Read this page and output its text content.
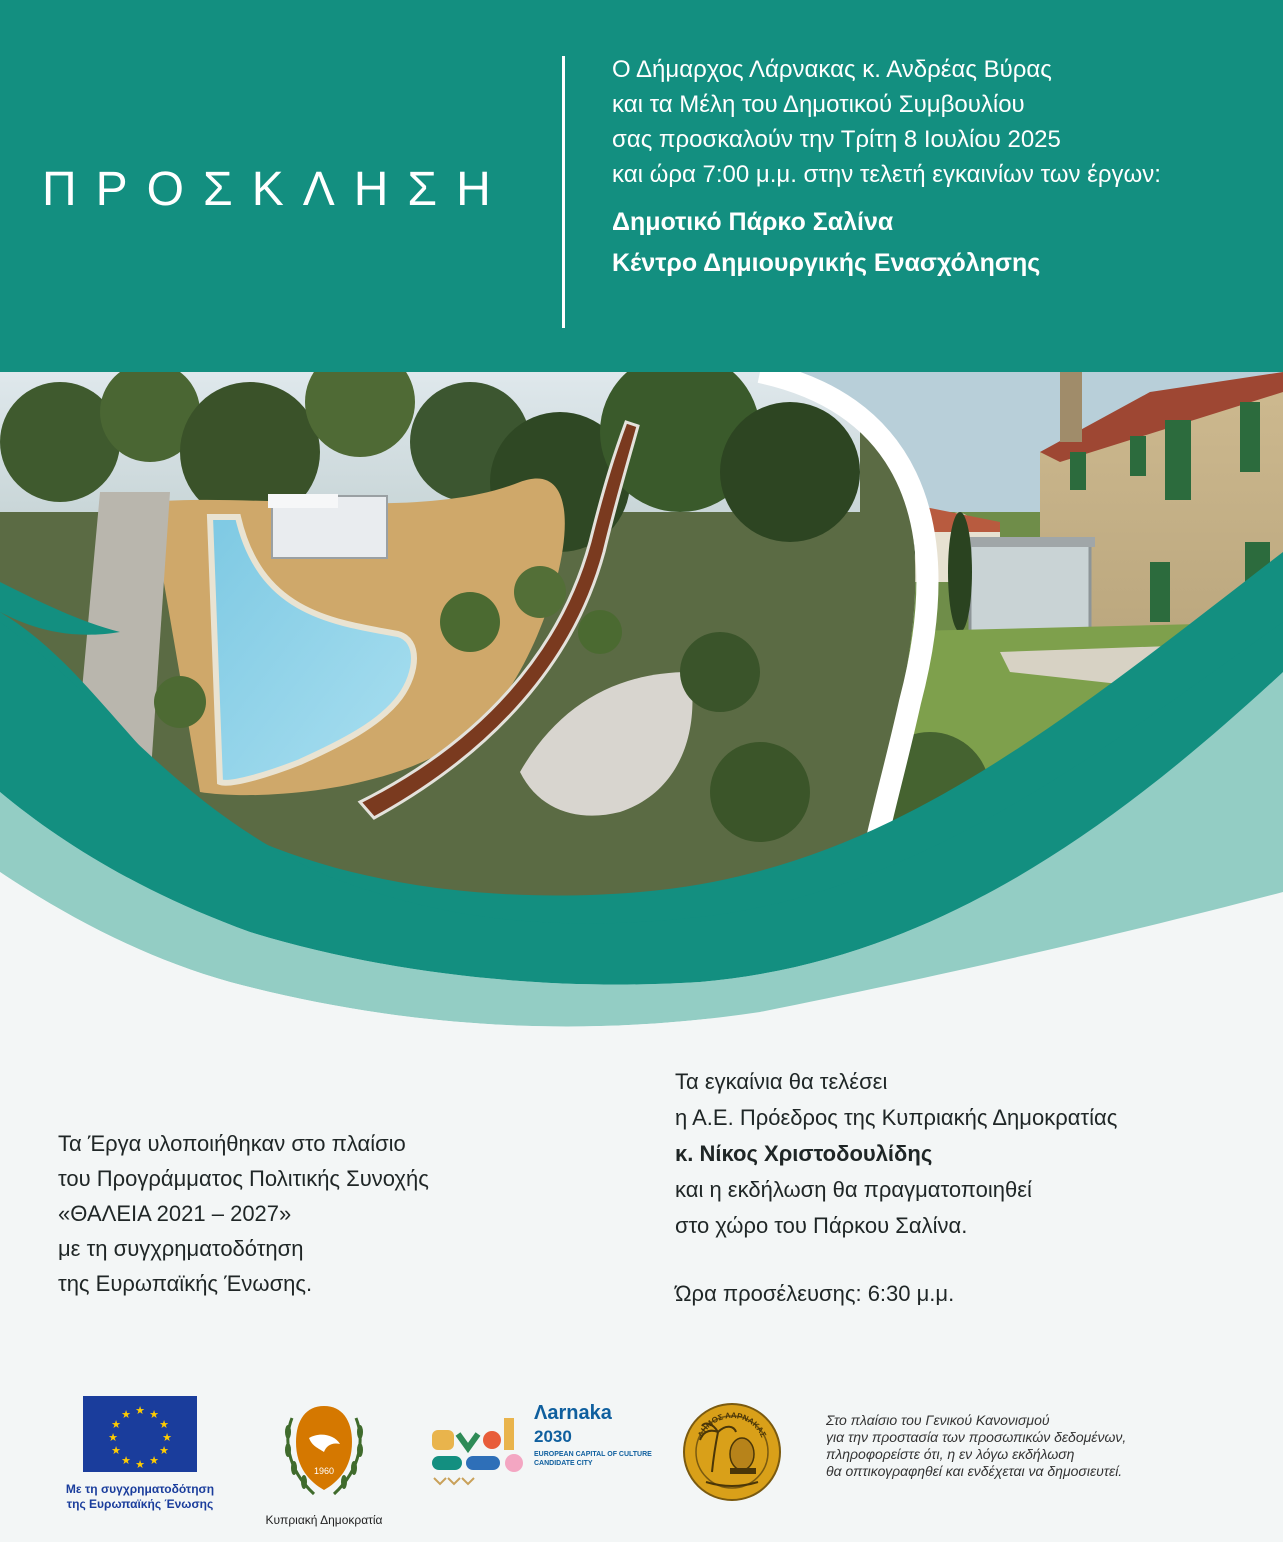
ΠΡΟΣΚΛΗΣΗ
Ο Δήμαρχος Λάρνακας κ. Ανδρέας Βύρας
και τα Μέλη του Δημοτικού Συμβουλίου
σας προσκαλούν την Τρίτη 8 Ιουλίου 2025
και ώρα 7:00 μ.μ. στην τελετή εγκαινίων των έργων:
Δημοτικό Πάρκο Σαλίνα
Κέντρο Δημιουργικής Ενασχόλησης
Τα Έργα υλοποιήθηκαν στο πλαίσιο
του Προγράμματος Πολιτικής Συνοχής
«ΘΑΛΕΙΑ 2021 – 2027»
με τη συγχρηματοδότηση
της Ευρωπαϊκής Ένωσης.
Τα εγκαίνια θα τελέσει
η Α.Ε. Πρόεδρος της Κυπριακής Δημοκρατίας
κ. Νίκος Χριστοδουλίδης
και η εκδήλωση θα πραγματοποιηθεί
στο χώρο του Πάρκου Σαλίνα.
Ώρα προσέλευσης: 6:30 μ.μ.
★ ★
★
★
★
★
★
★
★
★
★
★
Με τη συγχρηματοδότηση
της Ευρωπαϊκής Ένωσης
1960
Κυπριακή Δημοκρατία
Λarnaka
2030
EUROPEAN CAPITAL OF CULTURE
CANDIDATE CITY
ΔΗΜΟΣ ΛΑΡΝΑΚΑΣ
Στο πλαίσιο του Γενικού Κανονισμού
για την προστασία των προσωπικών δεδομένων,
πληροφορείστε ότι, η εν λόγω εκδήλωση
θα οπτικογραφηθεί και ενδέχεται να δημοσιευτεί.
